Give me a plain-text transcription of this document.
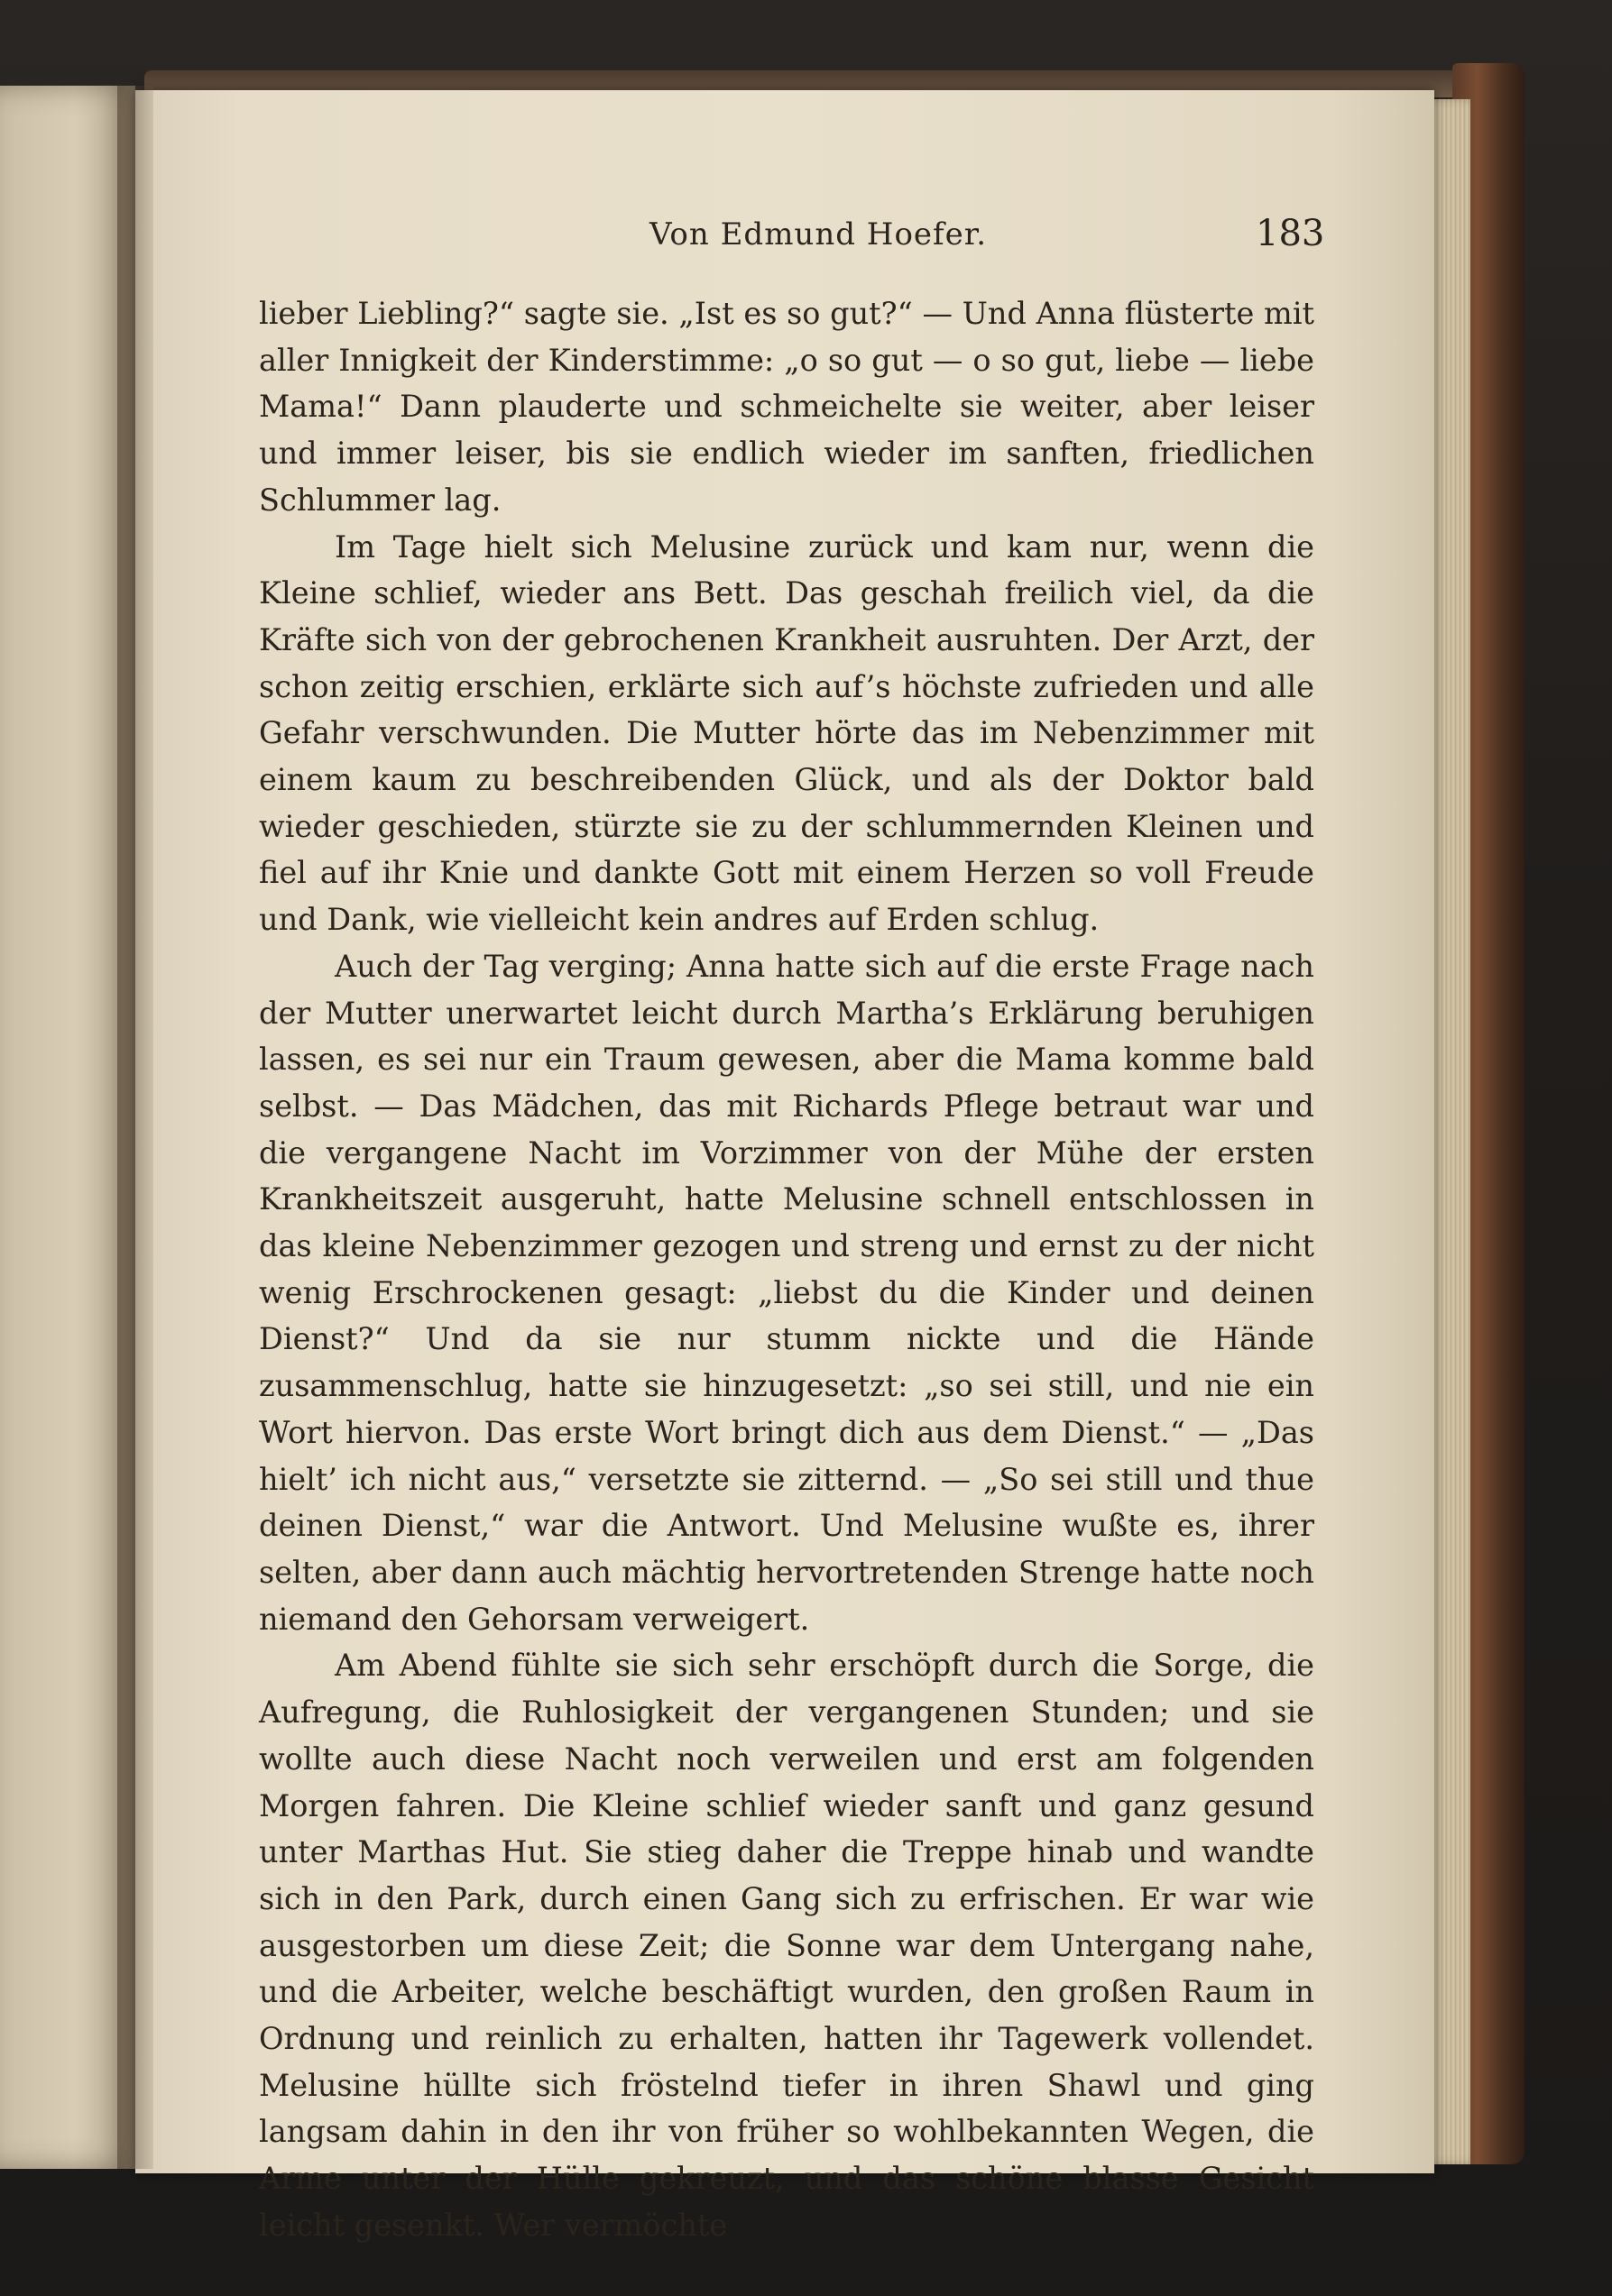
Von Edmund Hoefer.	183

lieber Liebling?“ sagte sie. „Ist es so gut?“ — Und Anna flüsterte mit aller Innigkeit der Kinderstimme: „o so gut — o so gut, liebe — liebe Mama!“ Dann plauderte und schmeichelte sie weiter, aber leiser und immer leiser, bis sie endlich wieder im sanften, friedlichen Schlummer lag.

Im Tage hielt sich Melusine zurück und kam nur, wenn die Kleine schlief, wieder ans Bett. Das geschah freilich viel, da die Kräfte sich von der gebrochenen Krankheit ausruhten. Der Arzt, der schon zeitig erschien, erklärte sich auf’s höchste zufrieden und alle Gefahr verschwunden. Die Mutter hörte das im Nebenzimmer mit einem kaum zu beschreibenden Glück, und als der Doktor bald wieder geschieden, stürzte sie zu der schlummernden Kleinen und fiel auf ihr Knie und dankte Gott mit einem Herzen so voll Freude und Dank, wie vielleicht kein andres auf Erden schlug.

Auch der Tag verging; Anna hatte sich auf die erste Frage nach der Mutter unerwartet leicht durch Martha’s Erklärung beruhigen lassen, es sei nur ein Traum gewesen, aber die Mama komme bald selbst. — Das Mädchen, das mit Richards Pflege betraut war und die vergangene Nacht im Vorzimmer von der Mühe der ersten Krankheitszeit ausgeruht, hatte Melusine schnell entschlossen in das kleine Nebenzimmer gezogen und streng und ernst zu der nicht wenig Erschrockenen gesagt: „liebst du die Kinder und deinen Dienst?“ Und da sie nur stumm nickte und die Hände zusammenschlug, hatte sie hinzugesetzt: „so sei still, und nie ein Wort hiervon. Das erste Wort bringt dich aus dem Dienst.“ — „Das hielt’ ich nicht aus,“ versetzte sie zitternd. — „So sei still und thue deinen Dienst,“ war die Antwort. Und Melusine wußte es, ihrer selten, aber dann auch mächtig hervortretenden Strenge hatte noch niemand den Gehorsam verweigert.

Am Abend fühlte sie sich sehr erschöpft durch die Sorge, die Aufregung, die Ruhlosigkeit der vergangenen Stunden; und sie wollte auch diese Nacht noch verweilen und erst am folgenden Morgen fahren. Die Kleine schlief wieder sanft und ganz gesund unter Marthas Hut. Sie stieg daher die Treppe hinab und wandte sich in den Park, durch einen Gang sich zu erfrischen. Er war wie ausgestorben um diese Zeit; die Sonne war dem Untergang nahe, und die Arbeiter, welche beschäftigt wurden, den großen Raum in Ordnung und reinlich zu erhalten, hatten ihr Tagewerk vollendet. Melusine hüllte sich fröstelnd tiefer in ihren Shawl und ging langsam dahin in den ihr von früher so wohlbekannten Wegen, die Arme unter der Hülle gekreuzt, und das schöne blasse Gesicht leicht gesenkt. Wer vermöchte
